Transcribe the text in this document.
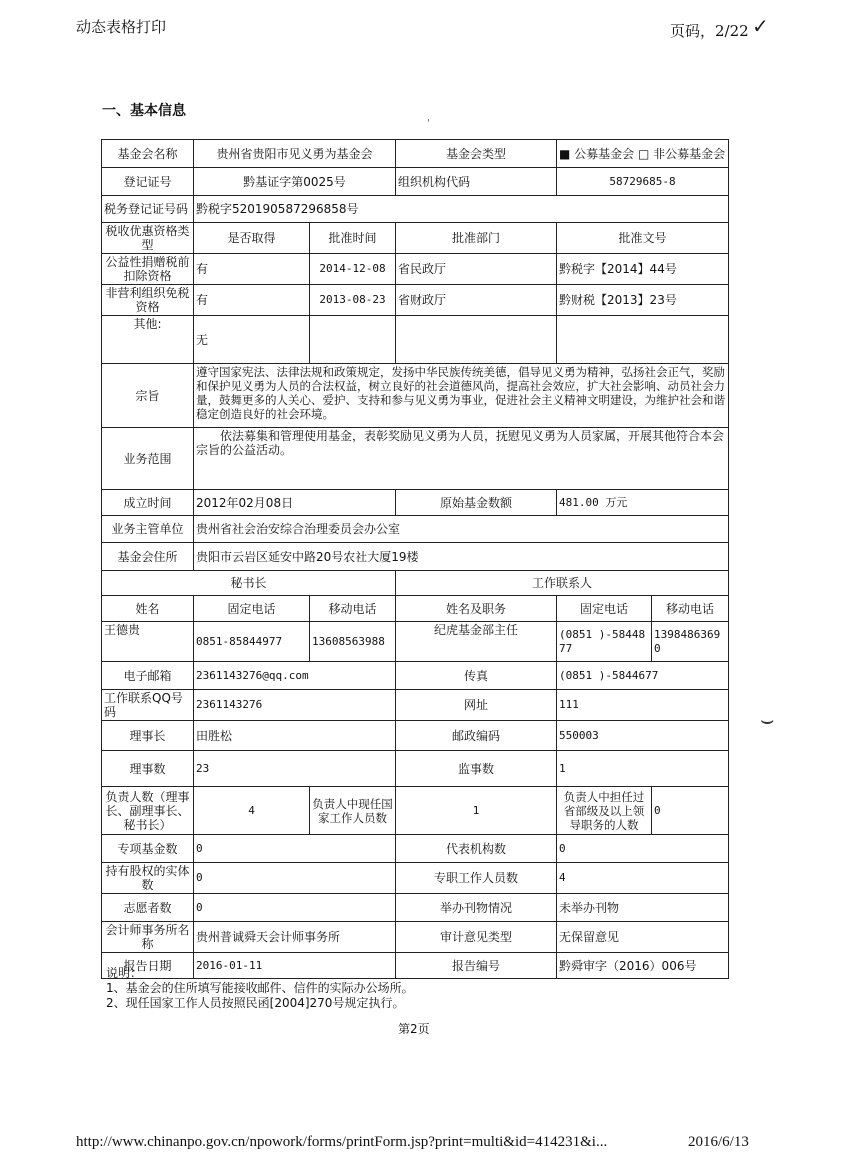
动态表格打印	页码，2/22 ✓
一、基本信息
'
⌣
基金会名称	贵州省贵阳市见义勇为基金会		基金会类型	■ 公募基金会 □ 非公募基金会	
登记证号	黔基证字第0025号		组织机构代码	58729685-8	
税务登记证号码	黔税字520190587296858号				
税收优惠资格类型	是否取得	批准时间	批准部门	批准文号	
公益性捐赠税前扣除资格	有	2014-12-08	省民政厅	黔税字【2014】44号	
非营利组织免税资格	有	2013-08-23	省财政厅	黔财税【2013】23号	
其他:	无				
宗旨	遵守国家宪法、法律法规和政策规定，发扬中华民族传统美德，倡导见义勇为精神，弘扬社会正气，奖励和保护见义勇为人员的合法权益，树立良好的社会道德风尚，提高社会效应，扩大社会影响、动员社会力量，鼓舞更多的人关心、爱护、支持和参与见义勇为事业，促进社会主义精神文明建设，为维护社会和谐稳定创造良好的社会环境。				
业务范围	依法募集和管理使用基金，表彰奖励见义勇为人员，抚慰见义勇为人员家属，开展其他符合本会宗旨的公益活动。				
成立时间	2012年02月08日		原始基金数额	481.00 万元	
业务主管单位	贵州省社会治安综合治理委员会办公室				
基金会住所	贵阳市云岩区延安中路20号农社大厦19楼				
秘书长			工作联系人		
姓名	固定电话	移动电话	姓名及职务	固定电话	移动电话
王德贵	0851-85844977	13608563988	纪虎基金部主任	(0851 )-5844877	13984863690
电子邮箱	2361143276@qq.com		传真	(0851 )-5844677	
工作联系QQ号码	2361143276		网址	111	
理事长	田胜松		邮政编码	550003	
理事数	23		监事数	1	
负责人数（理事长、副理事长、秘书长）	4	负责人中现任国家工作人员数	1	负责人中担任过省部级及以上领导职务的人数	0
专项基金数	0		代表机构数	0	
持有股权的实体数	0		专职工作人员数	4	
志愿者数	0		举办刊物情况	未举办刊物	
会计师事务所名称	贵州普诚舜天会计师事务所		审计意见类型	无保留意见	
报告日期	2016-01-11		报告编号	黔舜审字（2016）006号	
说明：
1、基金会的住所填写能接收邮件、信件的实际办公场所。
2、现任国家工作人员按照民函[2004]270号规定执行。
第2页
http://www.chinanpo.gov.cn/npowork/forms/printForm.jsp?print=multi&id=414231&i...	2016/6/13
